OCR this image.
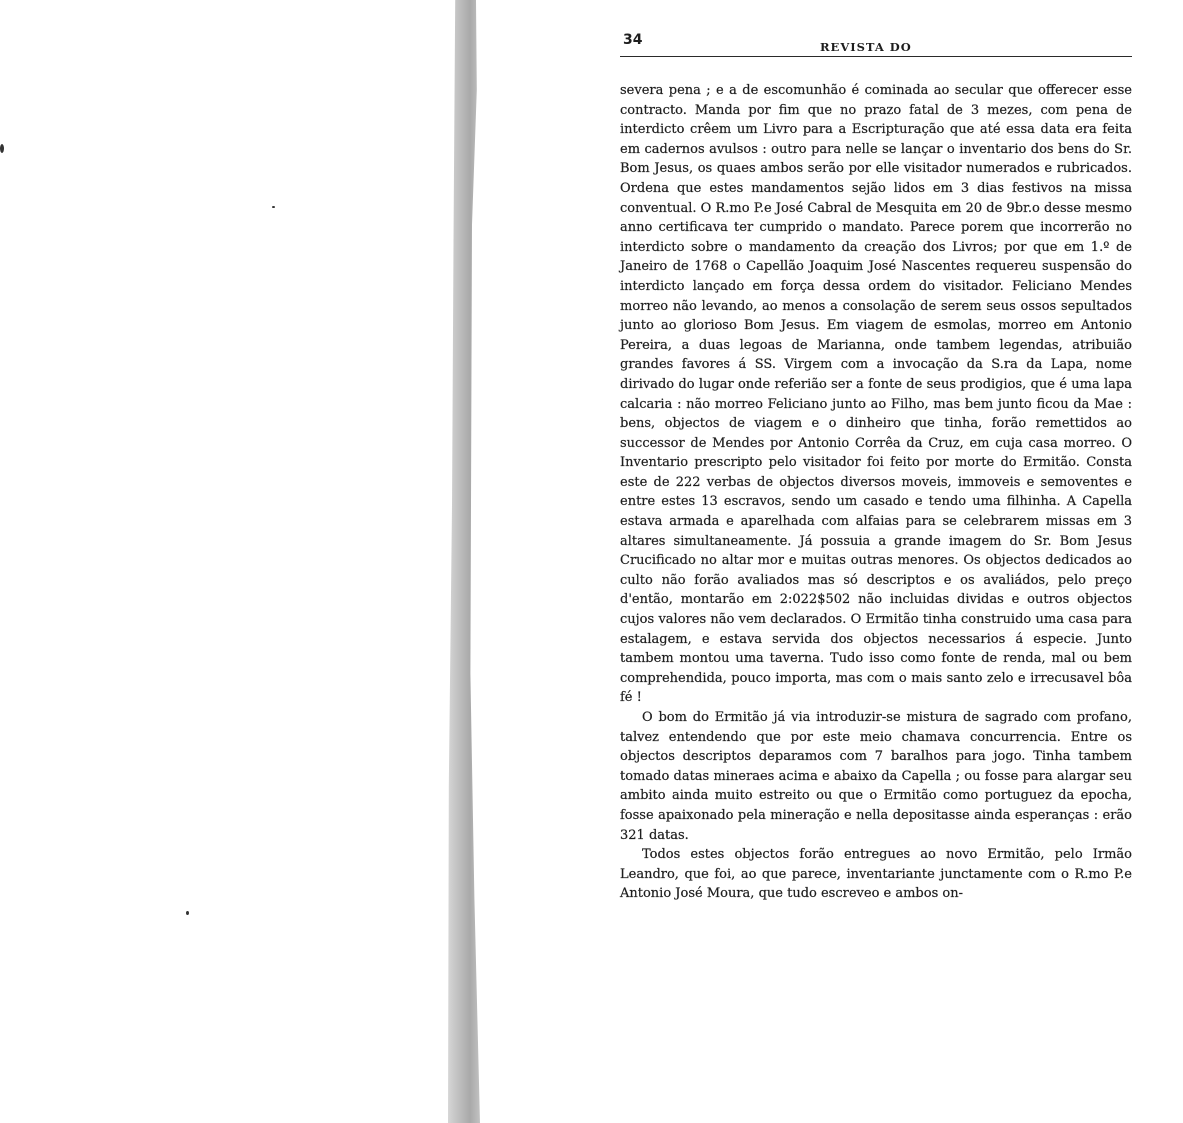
34	REVISTA DO

severa pena ; e a de escomunhão é cominada ao secular que offerecer esse contracto. Manda por fim que no prazo fatal de 3 mezes, com pena de interdicto crêem um Livro para a Escripturação que até essa data era feita em cadernos avulsos : outro para nelle se lançar o inventario dos bens do Sr. Bom Jesus, os quaes ambos serão por elle visitador numerados e rubricados. Ordena que estes mandamentos sejão lidos em 3 dias festivos na missa conventual. O R.mo P.e José Cabral de Mesquita em 20 de 9br.o desse mesmo anno certificava ter cumprido o mandato. Parece porem que incorrerão no interdicto sobre o mandamento da creação dos Livros; por que em 1.º de Janeiro de 1768 o Capellão Joaquim José Nascentes requereu suspensão do interdicto lançado em força dessa ordem do visitador. Feliciano Mendes morreo não levando, ao menos a consolação de serem seus ossos sepultados junto ao glorioso Bom Jesus. Em viagem de esmolas, morreo em Antonio Pereira, a duas legoas de Marianna, onde tambem legendas, atribuião grandes favores á SS. Virgem com a invocação da S.ra da Lapa, nome dirivado do lugar onde referião ser a fonte de seus prodigios, que é uma lapa calcaria : não morreo Feliciano junto ao Filho, mas bem junto ficou da Mae : bens, objectos de viagem e o dinheiro que tinha, forão remettidos ao successor de Mendes por Antonio Corrêa da Cruz, em cuja casa morreo. O Inventario prescripto pelo visitador foi feito por morte do Ermitão. Consta este de 222 verbas de objectos diversos moveis, immoveis e semoventes e entre estes 13 escravos, sendo um casado e tendo uma filhinha. A Capella estava armada e aparelhada com alfaias para se celebrarem missas em 3 altares simultaneamente. Já possuia a grande imagem do Sr. Bom Jesus Crucificado no altar mor e muitas outras menores. Os objectos dedicados ao culto não forão avaliados mas só descriptos e os avaliádos, pelo preço d'então, montarão em 2:022$502 não incluidas dividas e outros objectos cujos valores não vem declarados. O Ermitão tinha construido uma casa para estalagem, e estava servida dos objectos necessarios á especie. Junto tambem montou uma taverna. Tudo isso como fonte de renda, mal ou bem comprehendida, pouco importa, mas com o mais santo zelo e irrecusavel bôa fé !

O bom do Ermitão já via introduzir-se mistura de sagrado com profano, talvez entendendo que por este meio chamava concurrencia. Entre os objectos descriptos deparamos com 7 baralhos para jogo. Tinha tambem tomado datas mineraes acima e abaixo da Capella ; ou fosse para alargar seu ambito ainda muito estreito ou que o Ermitão como portuguez da epocha, fosse apaixonado pela mineração e nella depositasse ainda esperanças : erão 321 datas.

Todos estes objectos forão entregues ao novo Ermitão, pelo Irmão Leandro, que foi, ao que parece, inventariante junctamente com o R.mo P.e Antonio José Moura, que tudo escreveo e ambos on-
